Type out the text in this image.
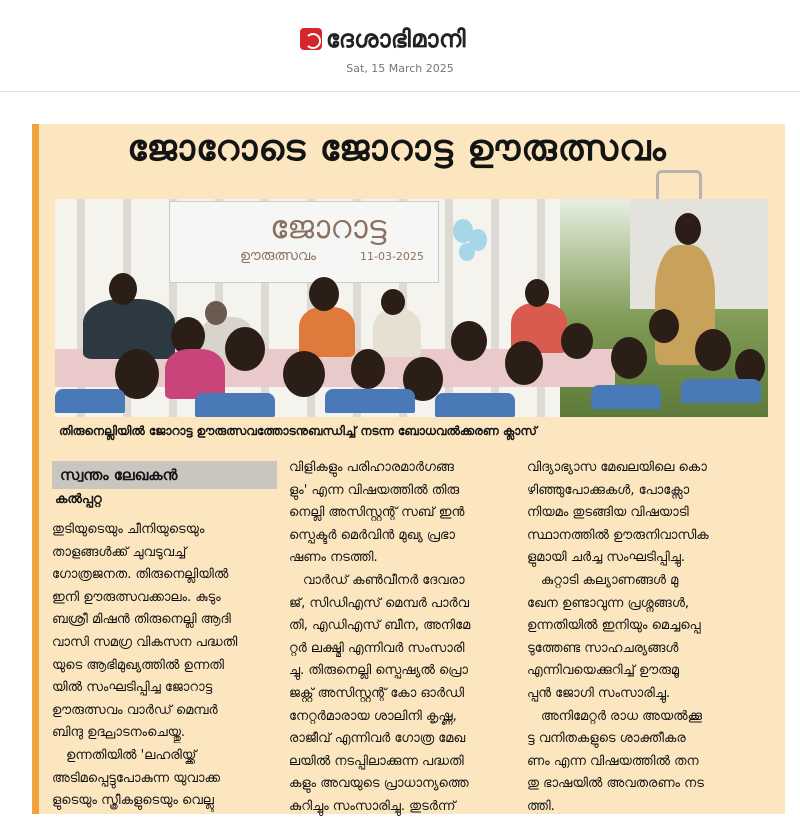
ദേശാഭിമാനി
Sat, 15 March 2025
ജോറോടെ ജോറാട്ട ഊരുത്സവം
ജോറാട്ട
ഊരുത്സവം	11-03-2025
തിരുനെല്ലിയിൽ ജോറാട്ട ഊരുത്സവത്തോടനുബന്ധിച്ച് നടന്ന ബോധവൽക്കരണ ക്ലാസ്
സ്വന്തം ലേഖകൻ
കൽപ്പറ്റ

തുടിയുടെയും ചീനിയുടെയും

താളങ്ങൾക്ക് ചുവടുവച്ച്

ഗോത്രജനത. തിരുനെല്ലിയിൽ

ഇനി ഊരുത്സവക്കാലം. കുടും

ബശ്രീ മിഷൻ തിരുനെല്ലി ആദി

വാസി സമഗ്ര വികസന പദ്ധതി

യുടെ ആഭിമുഖ്യത്തിൽ ഉന്നതി

യിൽ സംഘടിപ്പിച്ച ജോറാട്ട

ഊരുത്സവം വാർഡ് മെമ്പർ

ബിന്ദു ഉദ്ഘാടനംചെയ്തു.

ഉന്നതിയിൽ 'ലഹരിയ്ക്ക്

അടിമപ്പെട്ടുപോകുന്ന യുവാക്ക

ളുടെയും സ്ത്രീകളുടെയും വെല്ലു

വിളികളും പരിഹാരമാർഗങ്ങ

ളും' എന്ന വിഷയത്തിൽ തിരു

നെല്ലി അസിസ്റ്റന്റ് സബ് ഇൻ

സ്പെക്ടർ മെർവിൻ മുഖ്യ പ്രഭാ

ഷണം നടത്തി.

വാർഡ് കൺവീനർ ദേവരാ

ജ്, സിഡിഎസ് മെമ്പർ പാർവ

തി, എഡിഎസ് ബീന, അനിമേ

റ്റർ ലക്ഷ്മി എന്നിവർ സംസാരി

ച്ചു. തിരുനെല്ലി സ്പെഷ്യൽ പ്രൊ

ജക്റ്റ് അസിസ്റ്റന്റ് കോ ഓർഡി

നേറ്റർമാരായ ശാലിനി കൃഷ്ണ,

രാജീവ് എന്നിവർ ഗോത്ര മേഖ

ലയിൽ നടപ്പിലാക്കുന്ന പദ്ധതി

കളും അവയുടെ പ്രാധാന്യത്തെ

കുറിച്ചും സംസാരിച്ചു. തുടർന്ന്

വിദ്യാഭ്യാസ മേഖലയിലെ കൊ

ഴിഞ്ഞുപോക്കുകൾ, പോക്സോ

നിയമം തുടങ്ങിയ വിഷയാടി

സ്ഥാനത്തിൽ ഊരുനിവാസിക

ളുമായി ചർച്ച സംഘടിപ്പിച്ചു.

കുറ്റാടി കല്യാണങ്ങൾ മു

ഖേന ഉണ്ടാവുന്ന പ്രശ്നങ്ങൾ,

ഉന്നതിയിൽ ഇനിയും മെച്ചപ്പെ

ടുത്തേണ്ട സാഹചര്യങ്ങൾ

എന്നിവയെക്കുറിച്ച് ഊരുമൂ

പ്പൻ ജോഗി സംസാരിച്ചു.

അനിമേറ്റർ രാധ അയൽക്കൂ

ട്ട വനിതകളുടെ ശാക്തീകര

ണം എന്ന വിഷയത്തിൽ തന

തു ഭാഷയിൽ അവതരണം നട

ത്തി.
